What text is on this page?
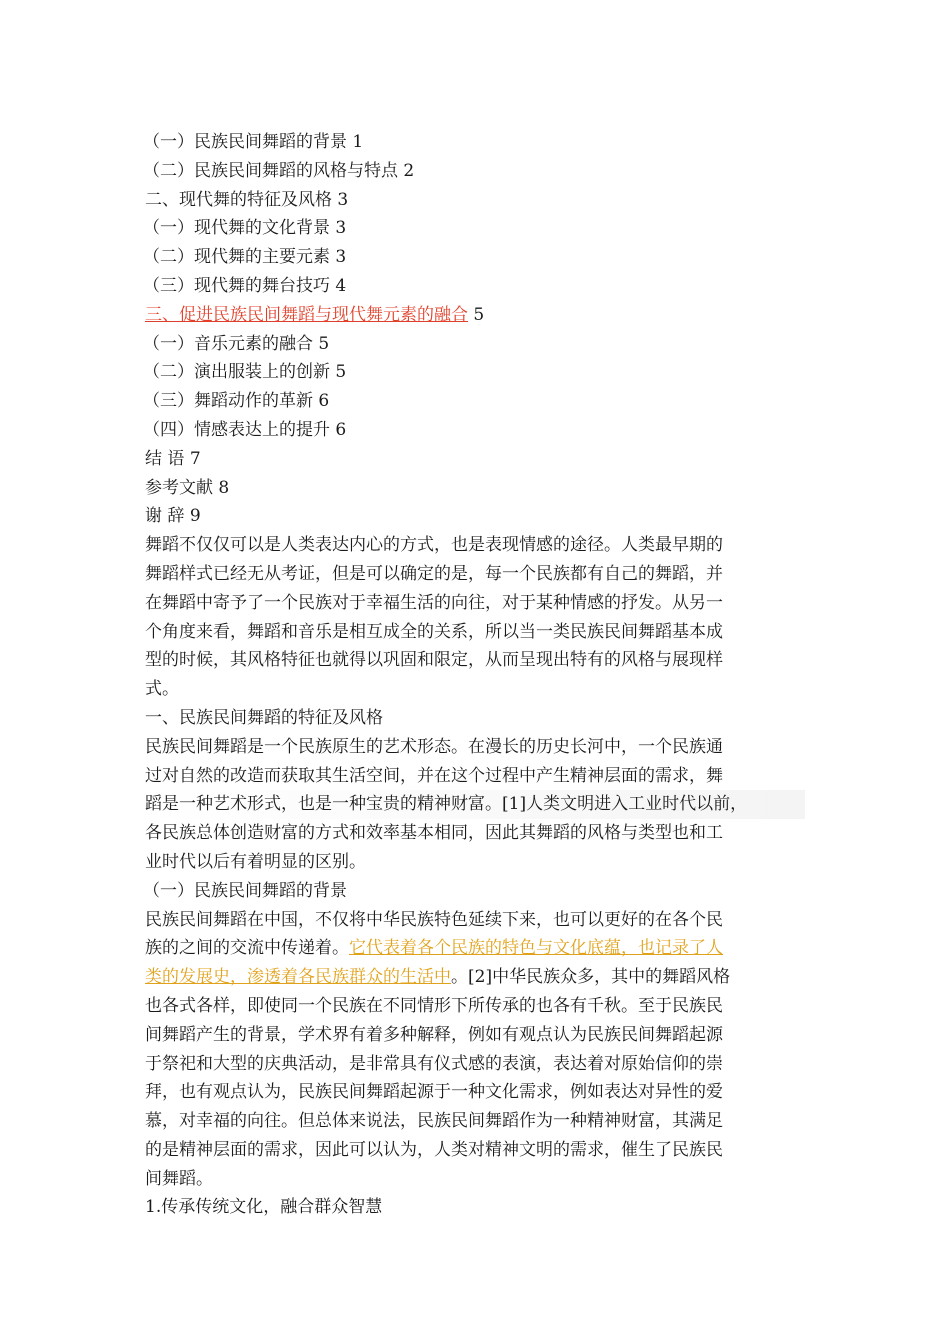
（一）民族民间舞蹈的背景 1

（二）民族民间舞蹈的风格与特点 2

二、现代舞的特征及风格 3

（一）现代舞的文化背景 3

（二）现代舞的主要元素 3

（三）现代舞的舞台技巧 4

三、促进民族民间舞蹈与现代舞元素的融合 5

（一）音乐元素的融合 5

（二）演出服装上的创新 5

（三）舞蹈动作的革新 6

（四）情感表达上的提升 6

结 语 7

参考文献 8

谢 辞 9

舞蹈不仅仅可以是人类表达内心的方式，也是表现情感的途径。人类最早期的

舞蹈样式已经无从考证，但是可以确定的是，每一个民族都有自己的舞蹈，并

在舞蹈中寄予了一个民族对于幸福生活的向往，对于某种情感的抒发。从另一

个角度来看，舞蹈和音乐是相互成全的关系，所以当一类民族民间舞蹈基本成

型的时候，其风格特征也就得以巩固和限定，从而呈现出特有的风格与展现样

式。

一、民族民间舞蹈的特征及风格

民族民间舞蹈是一个民族原生的艺术形态。在漫长的历史长河中，一个民族通

过对自然的改造而获取其生活空间，并在这个过程中产生精神层面的需求，舞

蹈是一种艺术形式，也是一种宝贵的精神财富。[1]人类文明进入工业时代以前，

各民族总体创造财富的方式和效率基本相同，因此其舞蹈的风格与类型也和工

业时代以后有着明显的区别。

（一）民族民间舞蹈的背景

民族民间舞蹈在中国，不仅将中华民族特色延续下来，也可以更好的在各个民

族的之间的交流中传递着。它代表着各个民族的特色与文化底蕴，也记录了人

类的发展史，渗透着各民族群众的生活中。[2]中华民族众多，其中的舞蹈风格

也各式各样，即使同一个民族在不同情形下所传承的也各有千秋。至于民族民

间舞蹈产生的背景，学术界有着多种解释，例如有观点认为民族民间舞蹈起源

于祭祀和大型的庆典活动，是非常具有仪式感的表演，表达着对原始信仰的崇

拜，也有观点认为，民族民间舞蹈起源于一种文化需求，例如表达对异性的爱

慕，对幸福的向往。但总体来说法，民族民间舞蹈作为一种精神财富，其满足

的是精神层面的需求，因此可以认为，人类对精神文明的需求，催生了民族民

间舞蹈。

1.传承传统文化，融合群众智慧
